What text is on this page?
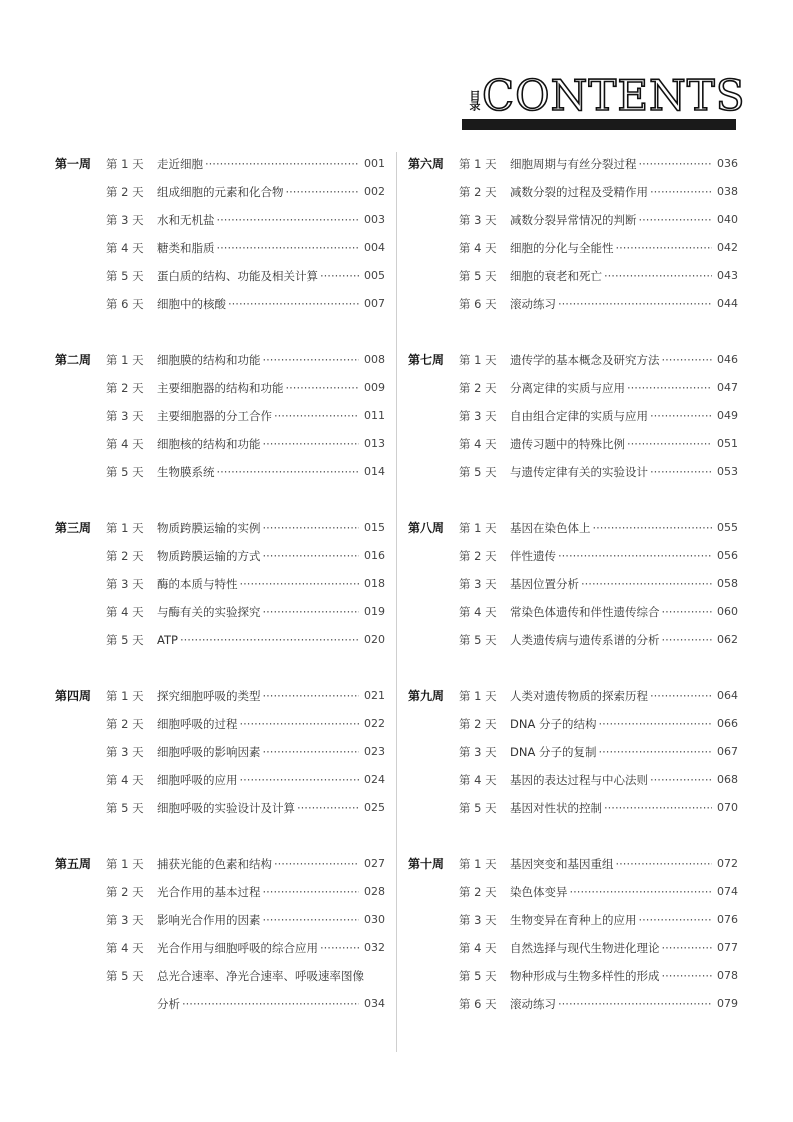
目录 CONTENTS
第一周 第 1 天 走近细胞 ·····	001
第 2 天 组成细胞的元素和化合物 ·····	002
第 3 天 水和无机盐 ·····	003
第 4 天 糖类和脂质 ·····	004
第 5 天 蛋白质的结构、功能及相关计算 ·····	005
第 6 天 细胞中的核酸 ·····	007
第二周 第 1 天 细胞膜的结构和功能 ·····	008
第 2 天 主要细胞器的结构和功能 ·····	009
第 3 天 主要细胞器的分工合作 ·····	011
第 4 天 细胞核的结构和功能 ·····	013
第 5 天 生物膜系统 ·····	014
第三周 第 1 天 物质跨膜运输的实例 ·····	015
第 2 天 物质跨膜运输的方式 ·····	016
第 3 天 酶的本质与特性 ·····	018
第 4 天 与酶有关的实验探究 ·····	019
第 5 天 ATP ·····	020
第四周 第 1 天 探究细胞呼吸的类型 ·····	021
第 2 天 细胞呼吸的过程 ·····	022
第 3 天 细胞呼吸的影响因素 ·····	023
第 4 天 细胞呼吸的应用 ·····	024
第 5 天 细胞呼吸的实验设计及计算 ·····	025
第五周 第 1 天 捕获光能的色素和结构 ·····	027
第 2 天 光合作用的基本过程 ·····	028
第 3 天 影响光合作用的因素 ·····	030
第 4 天 光合作用与细胞呼吸的综合应用 ·····	032
第 5 天 总光合速率、净光合速率、呼吸速率图像
分析 ·····	034
第六周 第 1 天 细胞周期与有丝分裂过程 ·····	036
第 2 天 减数分裂的过程及受精作用 ·····	038
第 3 天 减数分裂异常情况的判断 ·····	040
第 4 天 细胞的分化与全能性 ·····	042
第 5 天 细胞的衰老和死亡 ·····	043
第 6 天 滚动练习 ·····	044
第七周 第 1 天 遗传学的基本概念及研究方法 ·····	046
第 2 天 分离定律的实质与应用 ·····	047
第 3 天 自由组合定律的实质与应用 ·····	049
第 4 天 遗传习题中的特殊比例 ·····	051
第 5 天 与遗传定律有关的实验设计 ·····	053
第八周 第 1 天 基因在染色体上 ·····	055
第 2 天 伴性遗传 ·····	056
第 3 天 基因位置分析 ·····	058
第 4 天 常染色体遗传和伴性遗传综合 ·····	060
第 5 天 人类遗传病与遗传系谱的分析 ·····	062
第九周 第 1 天 人类对遗传物质的探索历程 ·····	064
第 2 天 DNA 分子的结构 ·····	066
第 3 天 DNA 分子的复制 ·····	067
第 4 天 基因的表达过程与中心法则 ·····	068
第 5 天 基因对性状的控制 ·····	070
第十周 第 1 天 基因突变和基因重组 ·····	072
第 2 天 染色体变异 ·····	074
第 3 天 生物变异在育种上的应用 ·····	076
第 4 天 自然选择与现代生物进化理论 ·····	077
第 5 天 物种形成与生物多样性的形成 ·····	078
第 6 天 滚动练习 ·····	079
